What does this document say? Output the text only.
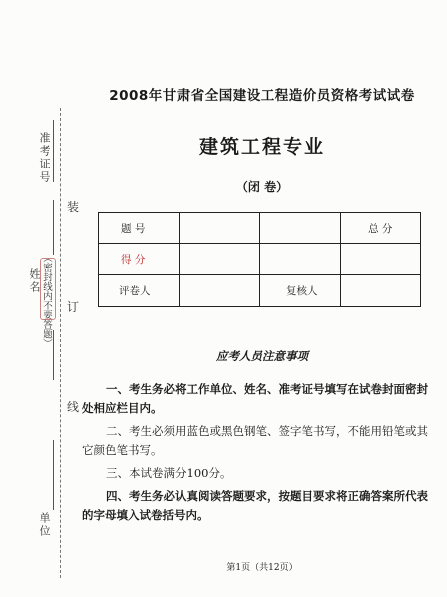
准考证号
姓名 （密封线内不要答题）
装
订
线
单位
2008年甘肃省全国建设工程造价员资格考试试卷
建筑工程专业
（闭 卷）
题 号			总 分
得 分			
评卷人		复核人	
应考人员注意事项

一、考生务必将工作单位、姓名、准考证号填写在试卷封面密封处相应栏目内。

二、考生必须用蓝色或黑色钢笔、签字笔书写，不能用铅笔或其它颜色笔书写。

三、本试卷满分100分。

四、考生务必认真阅读答题要求，按题目要求将正确答案所代表的字母填入试卷括号内。

第1页（共12页）
